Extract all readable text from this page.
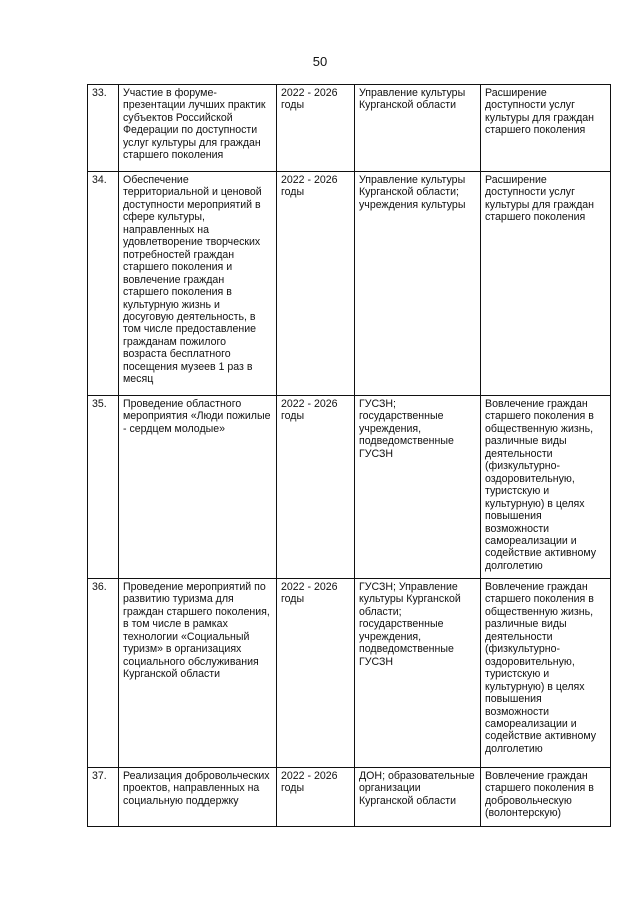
50
33.	Участие в форуме-презентации лучших практик субъектов Российской Федерации по доступности услуг культуры для граждан старшего поколения	2022 - 2026 годы	Управление культуры Курганской области	Расширение доступности услуг культуры для граждан старшего поколения
34.	Обеспечение территориальной и ценовой доступности мероприятий в сфере культуры, направленных на удовлетворение творческих потребностей граждан старшего поколения и вовлечение граждан старшего поколения в культурную жизнь и досуговую деятельность, в том числе предоставление гражданам пожилого возраста бесплатного посещения музеев 1 раз в месяц	2022 - 2026 годы	Управление культуры Курганской области; учреждения культуры	Расширение доступности услуг культуры для граждан старшего поколения
35.	Проведение областного мероприятия «Люди пожилые - сердцем молодые»	2022 - 2026 годы	ГУСЗН; государственные учреждения, подведомственные ГУСЗН	Вовлечение граждан старшего поколения в общественную жизнь, различные виды деятельности (физкультурно-оздоровительную, туристскую и культурную) в целях повышения возможности самореализации и содействие активному долголетию
36.	Проведение мероприятий по развитию туризма для граждан старшего поколения, в том числе в рамках технологии «Социальный туризм» в организациях социального обслуживания Курганской области	2022 - 2026 годы	ГУСЗН; Управление культуры Курганской области; государственные учреждения, подведомственные ГУСЗН	Вовлечение граждан старшего поколения в общественную жизнь, различные виды деятельности (физкультурно-оздоровительную, туристскую и культурную) в целях повышения возможности самореализации и содействие активному долголетию
37.	Реализация добровольческих проектов, направленных на социальную поддержку	2022 - 2026 годы	ДОН; образовательные организации Курганской области	Вовлечение граждан старшего поколения в добровольческую (волонтерскую)
